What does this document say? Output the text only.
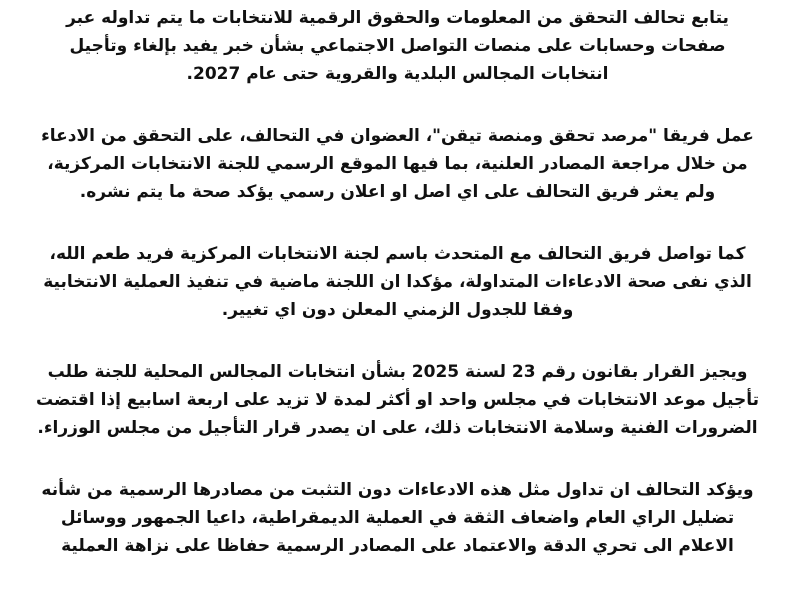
يتابع تحالف التحقق من المعلومات والحقوق الرقمية للانتخابات ما يتم تداوله عبر صفحات وحسابات على منصات التواصل الاجتماعي بشأن خبر يفيد بإلغاء وتأجيل انتخابات المجالس البلدية والقروية حتى عام 2027.

عمل فريقا "مرصد تحقق ومنصة تيقن"، العضوان في التحالف، على التحقق من الادعاء من خلال مراجعة المصادر العلنية، بما فيها الموقع الرسمي للجنة الانتخابات المركزية، ولم يعثر فريق التحالف على اي اصل او اعلان رسمي يؤكد صحة ما يتم نشره.

كما تواصل فريق التحالف مع المتحدث باسم لجنة الانتخابات المركزية فريد طعم الله، الذي نفى صحة الادعاءات المتداولة، مؤكدا ان اللجنة ماضية في تنفيذ العملية الانتخابية وفقا للجدول الزمني المعلن دون اي تغيير.

ويجيز القرار بقانون رقم 23 لسنة 2025 بشأن انتخابات المجالس المحلية للجنة طلب تأجيل موعد الانتخابات في مجلس واحد او أكثر لمدة لا تزيد على اربعة اسابيع إذا اقتضت الضرورات الفنية وسلامة الانتخابات ذلك، على ان يصدر قرار التأجيل من مجلس الوزراء.

ويؤكد التحالف ان تداول مثل هذه الادعاءات دون التثبت من مصادرها الرسمية من شأنه تضليل الراي العام واضعاف الثقة في العملية الديمقراطية، داعيا الجمهور ووسائل الاعلام الى تحري الدقة والاعتماد على المصادر الرسمية حفاظا على نزاهة العملية
